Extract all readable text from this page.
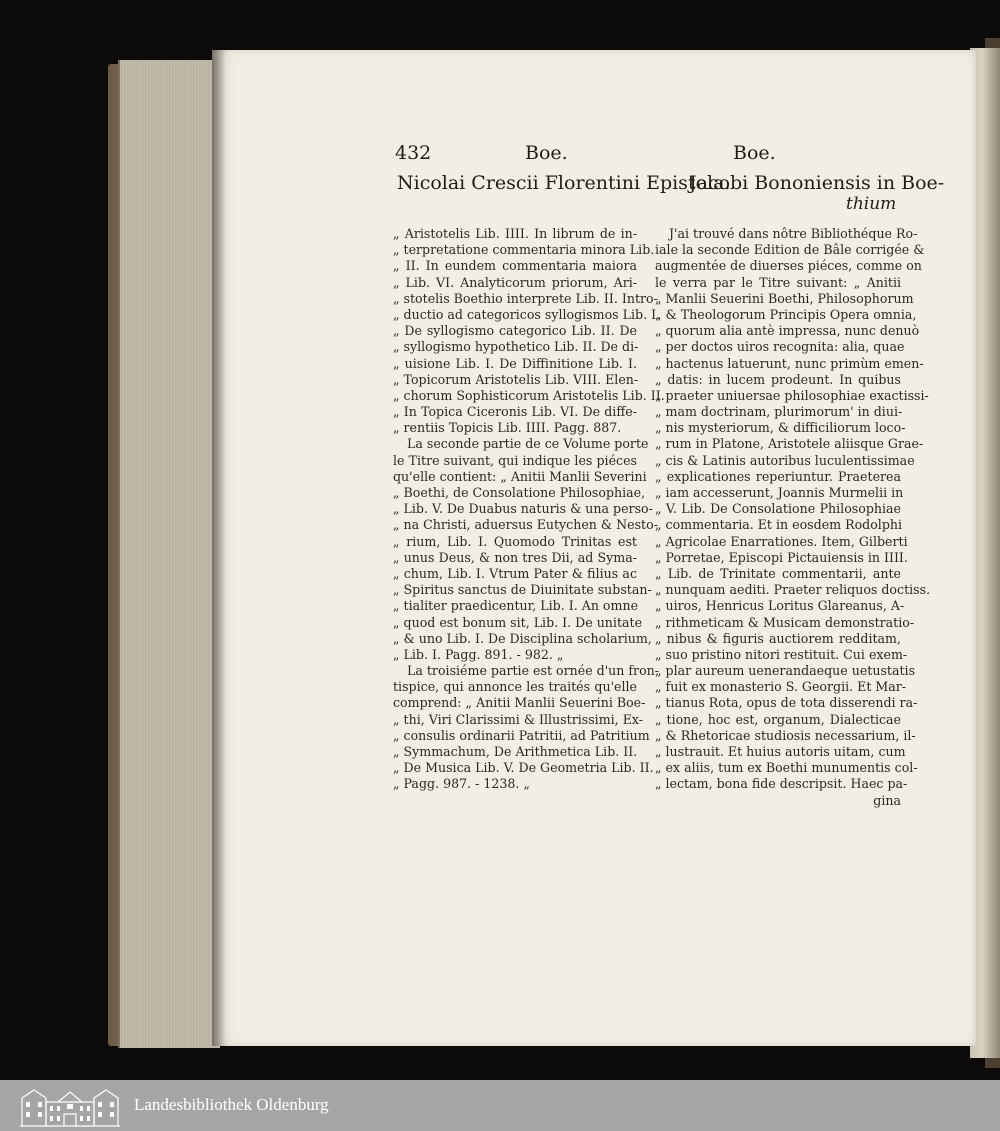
432	Boe.	Boe.
Nicolai Crescii Florentini Epistola.
Jacobi Bononiensis in Boe-
thium
„ Aristotelis Lib. IIII. In librum de in-
„ terpretatione commentaria minora Lib.
„ II. In eundem commentaria maiora
„ Lib. VI. Analyticorum priorum, Ari-
„ stotelis Boethio interprete Lib. II. Intro-
„ ductio ad categoricos syllogismos Lib. I.
„ De syllogismo categorico Lib. II. De
„ syllogismo hypothetico Lib. II. De di-
„ uisione Lib. I. De Diffinitione Lib. I.
„ Topicorum Aristotelis Lib. VIII. Elen-
„ chorum Sophisticorum Aristotelis Lib. II.
„ In Topica Ciceronis Lib. VI. De diffe-
„ rentiis Topicis Lib. IIII. Pagg. 887.
La seconde partie de ce Volume porte
le Titre suivant, qui indique les piéces
qu'elle contient: „ Anitii Manlii Severini
„ Boethi, de Consolatione Philosophiae,
„ Lib. V. De Duabus naturis & una perso-
„ na Christi, aduersus Eutychen & Nesto-
„ rium, Lib. I. Quomodo Trinitas est
„ unus Deus, & non tres Dii, ad Syma-
„ chum, Lib. I. Vtrum Pater & filius ac
„ Spiritus sanctus de Diuinitate substan-
„ tialiter praedicentur, Lib. I. An omne
„ quod est bonum sit, Lib. I. De unitate
„ & uno Lib. I. De Disciplina scholarium,
„ Lib. I. Pagg. 891. - 982. „
La troisiéme partie est ornée d'un fron-
tispice, qui annonce les traités qu'elle
comprend: „ Anitii Manlii Seuerini Boe-
„ thi, Viri Clarissimi & Illustrissimi, Ex-
„ consulis ordinarii Patritii, ad Patritium
„ Symmachum, De Arithmetica Lib. II.
„ De Musica Lib. V. De Geometria Lib. II.
„ Pagg. 987. - 1238. „
J'ai trouvé dans nôtre Bibliothéque Ro-
iale la seconde Edition de Bâle corrigée &
augmentée de diuerses piéces, comme on
le verra par le Titre suivant: „ Anitii
„ Manlii Seuerini Boethi, Philosophorum
„ & Theologorum Principis Opera omnia,
„ quorum alia antè impressa, nunc denuò
„ per doctos uiros recognita: alia, quae
„ hactenus latuerunt, nunc primùm emen-
„ datis: in lucem prodeunt. In quibus
„ praeter uniuersae philosophiae exactissi-
„ mam doctrinam, plurimorum' in diui-
„ nis mysteriorum, & difficiliorum loco-
„ rum in Platone, Aristotele aliisque Grae-
„ cis & Latinis autoribus luculentissimae
„ explicationes reperiuntur. Praeterea
„ iam accesserunt, Joannis Murmelii in
„ V. Lib. De Consolatione Philosophiae
„ commentaria. Et in eosdem Rodolphi
„ Agricolae Enarrationes. Item, Gilberti
„ Porretae, Episcopi Pictauiensis in IIII.
„ Lib. de Trinitate commentarii, ante
„ nunquam aediti. Praeter reliquos doctiss.
„ uiros, Henricus Loritus Glareanus, A-
„ rithmeticam & Musicam demonstratio-
„ nibus & figuris auctiorem redditam,
„ suo pristino nitori restituit. Cui exem-
„ plar aureum uenerandaeque uetustatis
„ fuit ex monasterio S. Georgii. Et Mar-
„ tianus Rota, opus de tota disserendi ra-
„ tione, hoc est, organum, Dialecticae
„ & Rhetoricae studiosis necessarium, il-
„ lustrauit. Et huius autoris uitam, cum
„ ex aliis, tum ex Boethi munumentis col-
„ lectam, bona fide descripsit. Haec pa-
gina
Landesbibliothek Oldenburg
